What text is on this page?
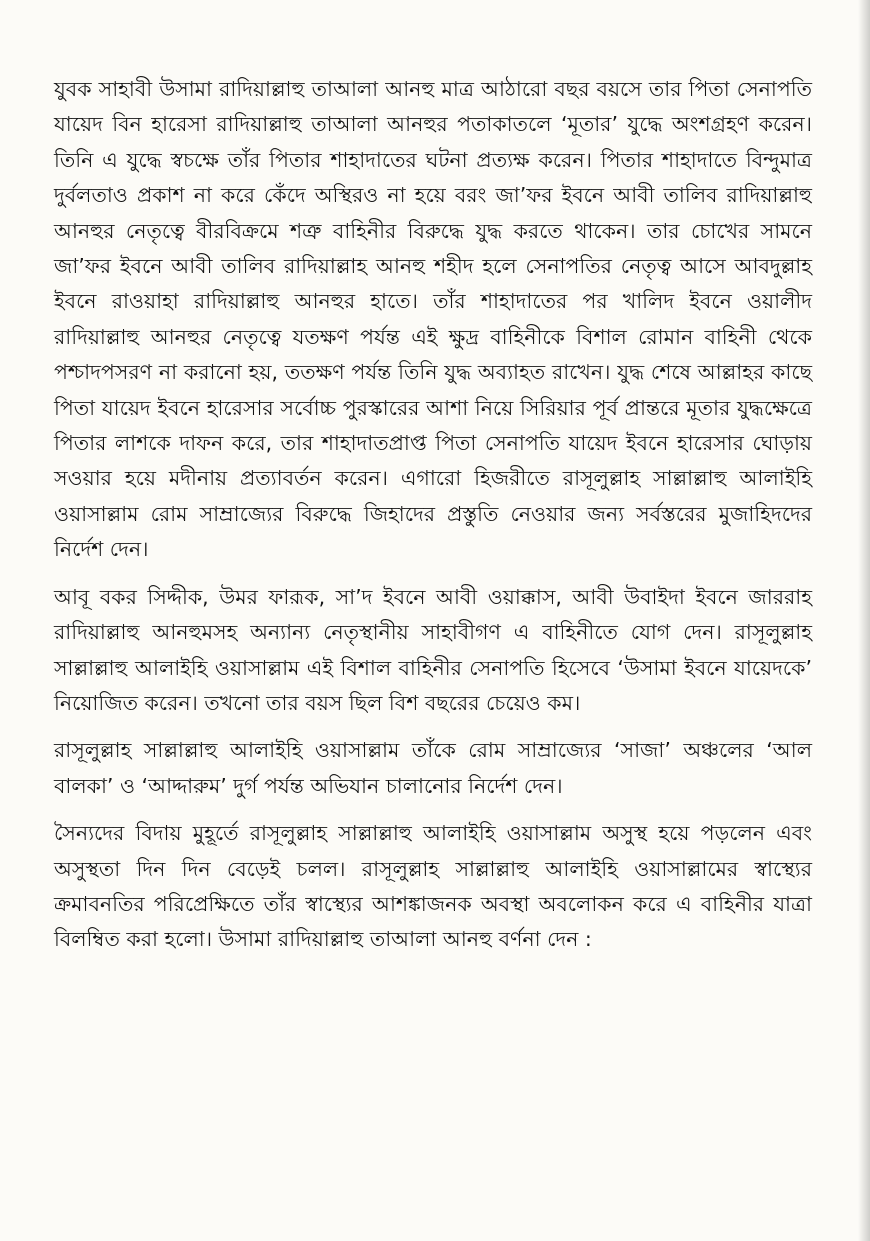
যুবক সাহাবী উসামা রাদিয়াল্লাহু তাআলা আনহু মাত্র আঠারো বছর বয়সে তার পিতা সেনাপতি যায়েদ বিন হারেসা রাদিয়াল্লাহু তাআলা আনহুর পতাকাতলে ‘মূতার’ যুদ্ধে অংশগ্রহণ করেন। তিনি এ যুদ্ধে স্বচক্ষে তাঁর পিতার শাহাদাতের ঘটনা প্রত্যক্ষ করেন। পিতার শাহাদাতে বিন্দুমাত্র দুর্বলতাও প্রকাশ না করে কেঁদে অস্থিরও না হয়ে বরং জা’ফর ইবনে আবী তালিব রাদিয়াল্লাহু আনহুর নেতৃত্বে বীরবিক্রমে শত্রু বাহিনীর বিরুদ্ধে যুদ্ধ করতে থাকেন। তার চোখের সামনে জা’ফর ইবনে আবী তালিব রাদিয়াল্লাহ আনহু শহীদ হলে সেনাপতির নেতৃত্ব আসে আবদুল্লাহ ইবনে রাওয়াহা রাদিয়াল্লাহু আনহুর হাতে। তাঁর শাহাদাতের পর খালিদ ইবনে ওয়ালীদ রাদিয়াল্লাহু আনহুর নেতৃত্বে যতক্ষণ পর্যন্ত এই ক্ষুদ্র বাহিনীকে বিশাল রোমান বাহিনী থেকে পশ্চাদপসরণ না করানো হয়, ততক্ষণ পর্যন্ত তিনি যুদ্ধ অব্যাহত রাখেন। যুদ্ধ শেষে আল্লাহর কাছে পিতা যায়েদ ইবনে হারেসার সর্বোচ্চ পুরস্কারের আশা নিয়ে সিরিয়ার পূর্ব প্রান্তরে মূতার যুদ্ধক্ষেত্রে পিতার লাশকে দাফন করে, তার শাহাদাতপ্রাপ্ত পিতা সেনাপতি যায়েদ ইবনে হারেসার ঘোড়ায় সওয়ার হয়ে মদীনায় প্রত্যাবর্তন করেন। এগারো হিজরীতে রাসূলুল্লাহ সাল্লাল্লাহু আলাইহি ওয়াসাল্লাম রোম সাম্রাজ্যের বিরুদ্ধে জিহাদের প্রস্তুতি নেওয়ার জন্য সর্বস্তরের মুজাহিদদের নির্দেশ দেন।

আবূ বকর সিদ্দীক, উমর ফারূক, সা’দ ইবনে আবী ওয়াক্কাস, আবী উবাইদা ইবনে জাররাহ রাদিয়াল্লাহু আনহুমসহ অন্যান্য নেতৃস্থানীয় সাহাবীগণ এ বাহিনীতে যোগ দেন। রাসূলুল্লাহ সাল্লাল্লাহু আলাইহি ওয়াসাল্লাম এই বিশাল বাহিনীর সেনাপতি হিসেবে ‘উসামা ইবনে যায়েদকে’ নিয়োজিত করেন। তখনো তার বয়স ছিল বিশ বছরের চেয়েও কম।

রাসূলুল্লাহ সাল্লাল্লাহু আলাইহি ওয়াসাল্লাম তাঁকে রোম সাম্রাজ্যের ‘সাজা’ অঞ্চলের ‘আল বালকা’ ও ‘আদ্দারুম’ দুর্গ পর্যন্ত অভিযান চালানোর নির্দেশ দেন।

সৈন্যদের বিদায় মুহূর্তে রাসূলুল্লাহ সাল্লাল্লাহু আলাইহি ওয়াসাল্লাম অসুস্থ হয়ে পড়লেন এবং অসুস্থতা দিন দিন বেড়েই চলল। রাসূলুল্লাহ সাল্লাল্লাহু আলাইহি ওয়াসাল্লামের স্বাস্থ্যের ক্রমাবনতির পরিপ্রেক্ষিতে তাঁর স্বাস্থ্যের আশঙ্কাজনক অবস্থা অবলোকন করে এ বাহিনীর যাত্রা বিলম্বিত করা হলো। উসামা রাদিয়াল্লাহু তাআলা আনহু বর্ণনা দেন :
